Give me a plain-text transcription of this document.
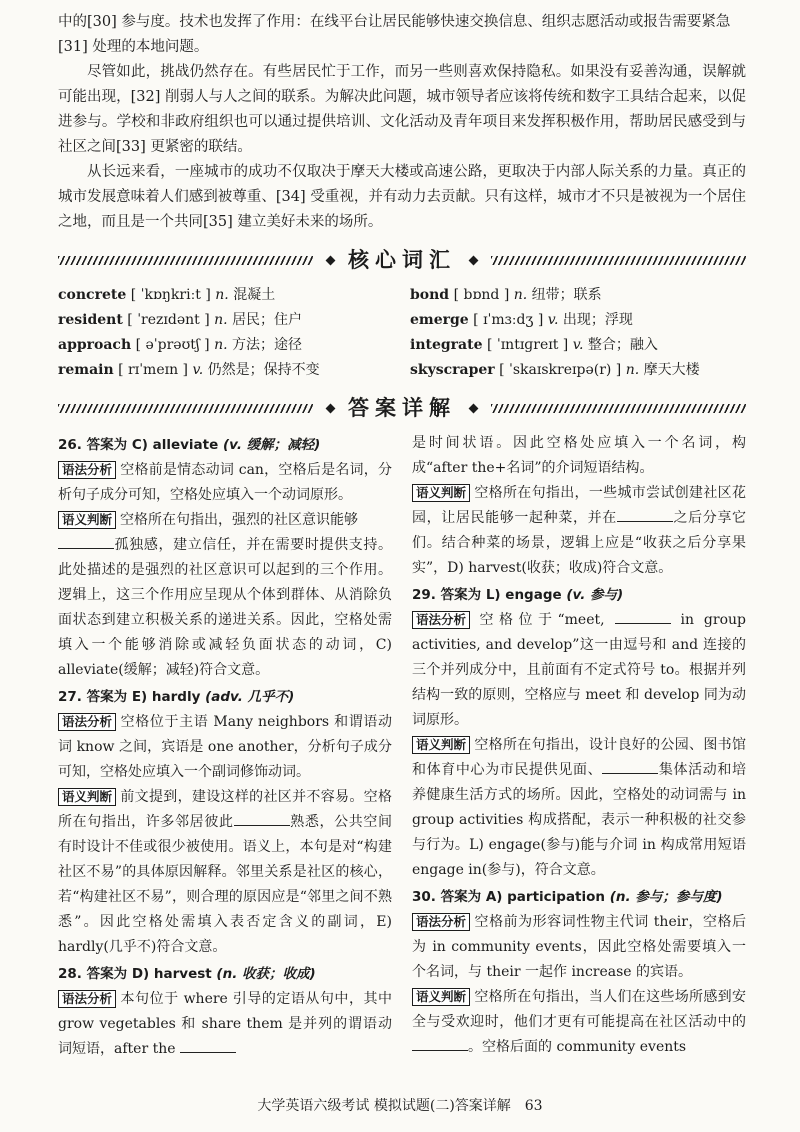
中的[30] 参与度。技术也发挥了作用：在线平台让居民能够快速交换信息、组织志愿活动或报告需要紧急
[31] 处理的本地问题。

尽管如此，挑战仍然存在。有些居民忙于工作，而另一些则喜欢保持隐私。如果没有妥善沟通，误解就可能出现，[32] 削弱人与人之间的联系。为解决此问题，城市领导者应该将传统和数字工具结合起来，以促进参与。学校和非政府组织也可以通过提供培训、文化活动及青年项目来发挥积极作用，帮助居民感受到与社区之间[33] 更紧密的联结。

从长远来看，一座城市的成功不仅取决于摩天大楼或高速公路，更取决于内部人际关系的力量。真正的城市发展意味着人们感到被尊重、[34] 受重视，并有动力去贡献。只有这样，城市才不只是被视为一个居住之地，而且是一个共同[35] 建立美好未来的场所。

核心词汇
concrete [ ˈkɒŋkriːt ] n. 混凝土	bond [ bɒnd ] n. 纽带；联系
resident [ ˈrezɪdənt ] n. 居民；住户	emerge [ ɪˈmɜːdʒ ] v. 出现；浮现
approach [ əˈprəʊtʃ ] n. 方法；途径	integrate [ ˈɪntɪɡreɪt ] v. 整合；融入
remain [ rɪˈmeɪn ] v. 仍然是；保持不变	skyscraper [ ˈskaɪskreɪpə(r) ] n. 摩天大楼
答案详解
26. 答案为 C) alleviate (v. 缓解；减轻)

语法分析 空格前是情态动词 can，空格后是名词，分析句子成分可知，空格处应填入一个动词原形。

语义判断 空格所在句指出，强烈的社区意识能够
孤独感，建立信任，并在需要时提供支持。此处描述的是强烈的社区意识可以起到的三个作用。逻辑上，这三个作用应呈现从个体到群体、从消除负面状态到建立积极关系的递进关系。因此，空格处需填入一个能够消除或减轻负面状态的动词，C) alleviate(缓解；减轻)符合文意。

27. 答案为 E) hardly (adv. 几乎不)

语法分析 空格位于主语 Many neighbors 和谓语动词 know 之间，宾语是 one another，分析句子成分可知，空格处应填入一个副词修饰动词。

语义判断 前文提到，建设这样的社区并不容易。空格所在句指出，许多邻居彼此	熟悉，公共空间有时设计不佳或很少被使用。语义上，本句是对“构建社区不易”的具体原因解释。邻里关系是社区的核心，若“构建社区不易”，则合理的原因应是“邻里之间不熟悉”。因此空格处需填入表否定含义的副词，E) hardly(几乎不)符合文意。

28. 答案为 D) harvest (n. 收获；收成)

语法分析 本句位于 where 引导的定语从句中，其中 grow vegetables 和 share them 是并列的谓语动词短语，after the

是时间状语。因此空格处应填入一个名词，构成“after the+名词”的介词短语结构。

语义判断 空格所在句指出，一些城市尝试创建社区花园，让居民能够一起种菜，并在	之后分享它们。结合种菜的场景，逻辑上应是“收获之后分享果实”，D) harvest(收获；收成)符合文意。

29. 答案为 L) engage (v. 参与)

语法分析 空格位于“meet,	in group activities, and develop”这一由逗号和 and 连接的三个并列成分中，且前面有不定式符号 to。根据并列结构一致的原则，空格应与 meet 和 develop 同为动词原形。

语义判断 空格所在句指出，设计良好的公园、图书馆和体育中心为市民提供见面、	集体活动和培养健康生活方式的场所。因此，空格处的动词需与 in group activities 构成搭配，表示一种积极的社交参与行为。L) engage(参与)能与介词 in 构成常用短语 engage in(参与)，符合文意。

30. 答案为 A) participation (n. 参与；参与度)

语法分析 空格前为形容词性物主代词 their，空格后为 in community events，因此空格处需要填入一个名词，与 their 一起作 increase 的宾语。

语义判断 空格所在句指出，当人们在这些场所感到安全与受欢迎时，他们才更有可能提高在社区活动中的。空格后面的 community events

大学英语六级考试 模拟试题(二)答案详解　63
